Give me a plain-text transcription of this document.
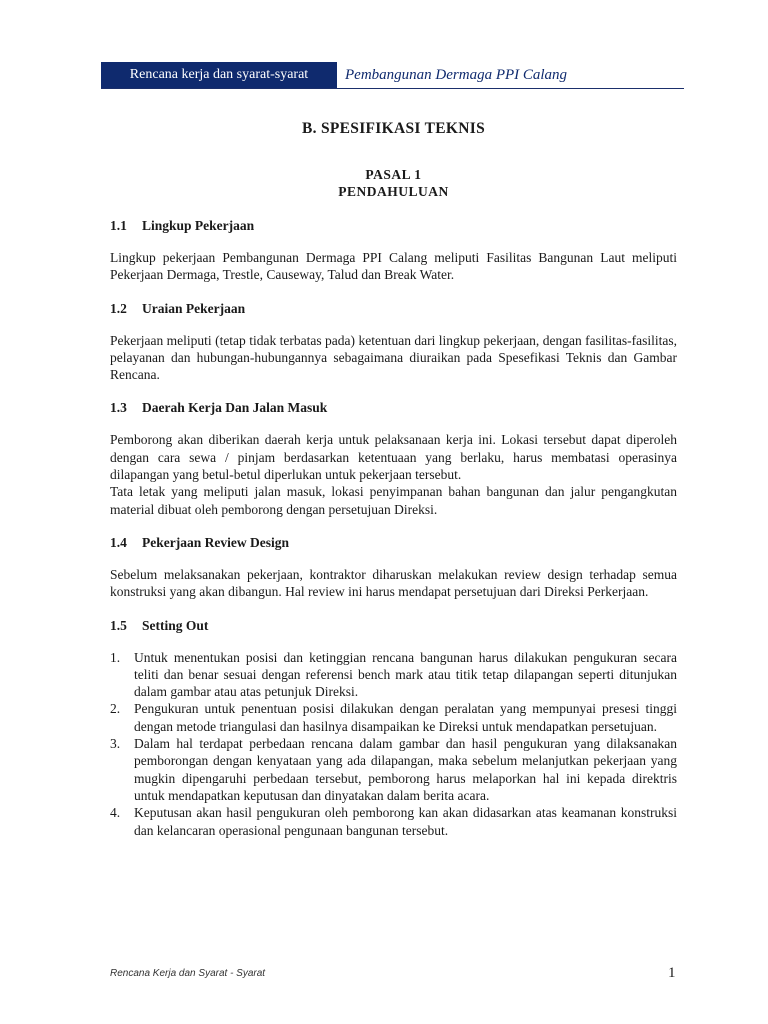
Rencana kerja dan syarat-syarat	Pembangunan Dermaga PPI Calang
B. SPESIFIKASI TEKNIS
PASAL 1
PENDAHULUAN
1.1 Lingkup Pekerjaan

Lingkup pekerjaan Pembangunan Dermaga PPI Calang meliputi Fasilitas Bangunan Laut meliputi Pekerjaan Dermaga, Trestle, Causeway, Talud dan Break Water.

1.2 Uraian Pekerjaan

Pekerjaan meliputi (tetap tidak terbatas pada) ketentuan dari lingkup pekerjaan, dengan fasilitas-fasilitas, pelayanan dan hubungan-hubungannya sebagaimana diuraikan pada Spesefikasi Teknis dan Gambar Rencana.

1.3 Daerah Kerja Dan Jalan Masuk

Pemborong akan diberikan daerah kerja untuk pelaksanaan kerja ini. Lokasi tersebut dapat diperoleh dengan cara sewa / pinjam berdasarkan ketentuaan yang berlaku, harus membatasi operasinya dilapangan yang betul-betul diperlukan untuk pekerjaan tersebut.

Tata letak yang meliputi jalan masuk, lokasi penyimpanan bahan bangunan dan jalur pengangkutan material dibuat oleh pemborong dengan persetujuan Direksi.

1.4 Pekerjaan Review Design

Sebelum melaksanakan pekerjaan, kontraktor diharuskan melakukan review design terhadap semua konstruksi yang akan dibangun. Hal review ini harus mendapat persetujuan dari Direksi Perkerjaan.

1.5 Setting Out
1. Untuk menentukan posisi dan ketinggian rencana bangunan harus dilakukan pengukuran secara teliti dan benar sesuai dengan referensi bench mark atau titik tetap dilapangan seperti ditunjukan dalam gambar atau atas petunjuk Direksi.
2. Pengukuran untuk penentuan posisi dilakukan dengan peralatan yang mempunyai presesi tinggi dengan metode triangulasi dan hasilnya disampaikan ke Direksi untuk mendapatkan persetujuan.
3. Dalam hal terdapat perbedaan rencana dalam gambar dan hasil pengukuran yang dilaksanakan pemborongan dengan kenyataan yang ada dilapangan, maka sebelum melanjutkan pekerjaan yang mugkin dipengaruhi perbedaan tersebut, pemborong harus melaporkan hal ini kepada direktris untuk mendapatkan keputusan dan dinyatakan dalam berita acara.
4. Keputusan akan hasil pengukuran oleh pemborong kan akan didasarkan atas keamanan konstruksi dan kelancaran operasional pengunaan bangunan tersebut.
Rencana Kerja dan Syarat - Syarat	1
